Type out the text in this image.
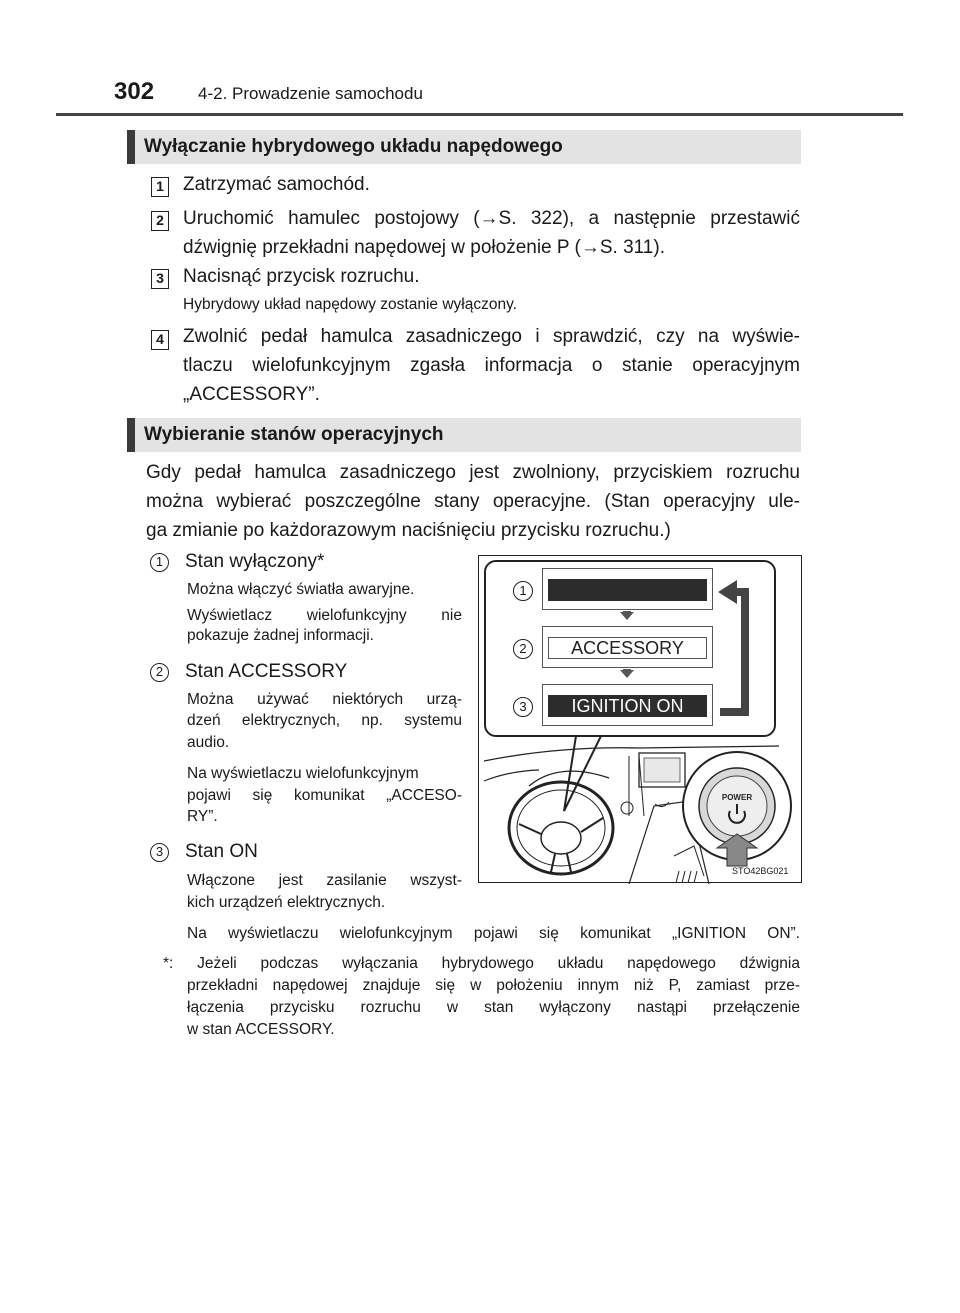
302	4-2. Prowadzenie samochodu
Wyłączanie hybrydowego układu napędowego
1 Zatrzymać samochód.
2 Uruchomić hamulec postojowy (→S. 322), a następnie przestawić
dźwignię przekładni napędowej w położenie P (→S. 311).
3 Nacisnąć przycisk rozruchu.
Hybrydowy układ napędowy zostanie wyłączony.
4 Zwolnić pedał hamulca zasadniczego i sprawdzić, czy na wyświe-
tlaczu wielofunkcyjnym zgasła informacja o stanie operacyjnym
„ACCESSORY”.
Wybieranie stanów operacyjnych
Gdy pedał hamulca zasadniczego jest zwolniony, przyciskiem rozruchu
można wybierać poszczególne stany operacyjne. (Stan operacyjny ule-
ga zmianie po każdorazowym naciśnięciu przycisku rozruchu.)
1	Stan wyłączony*
Można włączyć światła awaryjne.
Wyświetlacz wielofunkcyjny nie
pokazuje żadnej informacji.
2	Stan ACCESSORY
Można używać niektórych urzą-
dzeń elektrycznych, np. systemu
audio.
Na wyświetlaczu wielofunkcyjnym
pojawi się komunikat „ACCESO-
RY”.
3	Stan ON
Włączone jest zasilanie wszyst-
kich urządzeń elektrycznych.
Na wyświetlaczu wielofunkcyjnym pojawi się komunikat „IGNITION ON”.
*: Jeżeli podczas wyłączania hybrydowego układu napędowego dźwignia
przekładni napędowej znajduje się w położeniu innym niż P, zamiast prze-
łączenia przycisku rozruchu w stan wyłączony nastąpi przełączenie
w stan ACCESSORY.
POWER
ACCESSORY
IGNITION ON
1
2
3
STO42BG021
